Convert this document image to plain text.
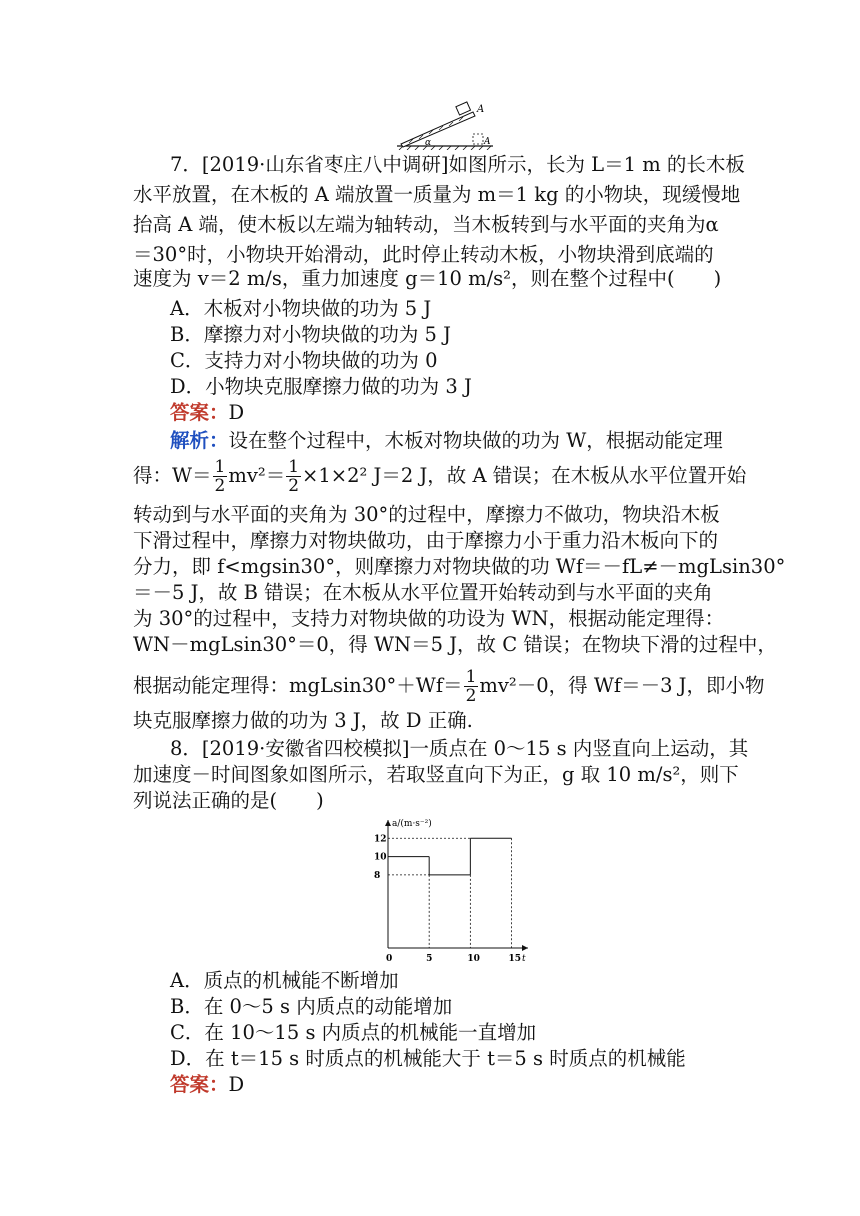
A
α	A
7．[2019·山东省枣庄八中调研]如图所示，长为 L＝1 m 的长木板
水平放置，在木板的 A 端放置一质量为 m＝1 kg 的小物块，现缓慢地
抬高 A 端，使木板以左端为轴转动，当木板转到与水平面的夹角为α
＝30°时，小物块开始滑动，此时停止转动木板，小物块滑到底端的
速度为 v＝2 m/s，重力加速度 g＝10 m/s²，则在整个过程中(　　)
A．木板对小物块做的功为 5 J
B．摩擦力对小物块做的功为 5 J
C．支持力对小物块做的功为 0
D．小物块克服摩擦力做的功为 3 J
答案：D
解析：设在整个过程中，木板对物块做的功为 W，根据动能定理
得：$W= \frac{1}{2} mv^2= \frac{1}{2} \times 1\times 2^2$ J＝2 J，故 A 错误；在木板从水平位置开始
转动到与水平面的夹角为 30°的过程中，摩擦力不做功，物块沿木板
下滑过程中，摩擦力对物块做功，由于摩擦力小于重力沿木板向下的
分力，即 f<mgsin30°，则摩擦力对物块做的功 Wf＝－fL≠－mgLsin30°
＝－5 J，故 B 错误；在木板从水平位置开始转动到与水平面的夹角
为 30°的过程中，支持力对物块做的功设为 WN，根据动能定理得：
WN－mgLsin30°＝0，得 WN＝5 J，故 C 错误；在物块下滑的过程中，
根据动能定理得：$mgLsin30^\circ+Wf= \frac{1}{2} mv^2-0$，得 Wf＝－3 J，即小物
块克服摩擦力做的功为 3 J，故 D 正确.
8．[2019·安徽省四校模拟]一质点在 0～15 s 内竖直向上运动，其
加速度－时间图象如图所示，若取竖直向下为正，g 取 10 m/s²，则下
列说法正确的是(　　)
t
a/(m·s⁻²)
0	5	10	15
8
10
12
A．质点的机械能不断增加
B．在 0～5 s 内质点的动能增加
C．在 10～15 s 内质点的机械能一直增加
D．在 t＝15 s 时质点的机械能大于 t＝5 s 时质点的机械能
答案：D
